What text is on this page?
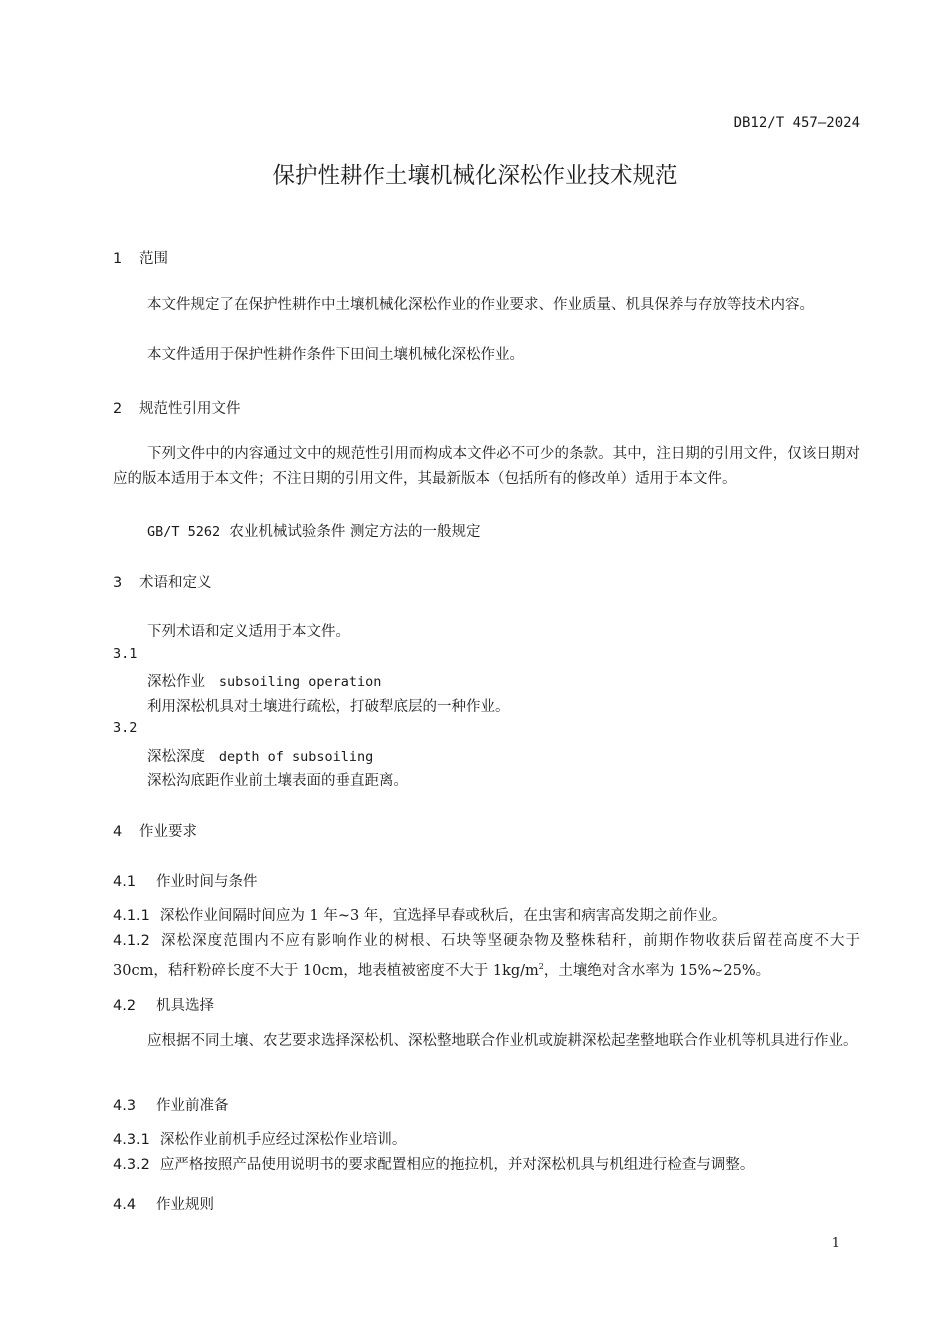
DB12/T 457—2024
保护性耕作土壤机械化深松作业技术规范
1 范围
本文件规定了在保护性耕作中土壤机械化深松作业的作业要求、作业质量、机具保养与存放等技术内容。
本文件适用于保护性耕作条件下田间土壤机械化深松作业。
2 规范性引用文件
下列文件中的内容通过文中的规范性引用而构成本文件必不可少的条款。其中，注日期的引用文件，仅该日期对应的版本适用于本文件；不注日期的引用文件，其最新版本（包括所有的修改单）适用于本文件。
GB/T 5262 农业机械试验条件 测定方法的一般规定
3 术语和定义
下列术语和定义适用于本文件。
3.1
深松作业 subsoiling operation
利用深松机具对土壤进行疏松，打破犁底层的一种作业。
3.2
深松深度 depth of subsoiling
深松沟底距作业前土壤表面的垂直距离。
4 作业要求
4.1 作业时间与条件
4.1.1 深松作业间隔时间应为 1 年~3 年，宜选择早春或秋后，在虫害和病害高发期之前作业。
4.1.2 深松深度范围内不应有影响作业的树根、石块等坚硬杂物及整株秸秆，前期作物收获后留茬高度不大于 30cm，秸秆粉碎长度不大于 10cm，地表植被密度不大于 $1kg/m^2$，土壤绝对含水率为 15%~25%。
4.2 机具选择
应根据不同土壤、农艺要求选择深松机、深松整地联合作业机或旋耕深松起垄整地联合作业机等机具进行作业。
4.3 作业前准备
4.3.1 深松作业前机手应经过深松作业培训。
4.3.2 应严格按照产品使用说明书的要求配置相应的拖拉机，并对深松机具与机组进行检查与调整。
4.4 作业规则
1
